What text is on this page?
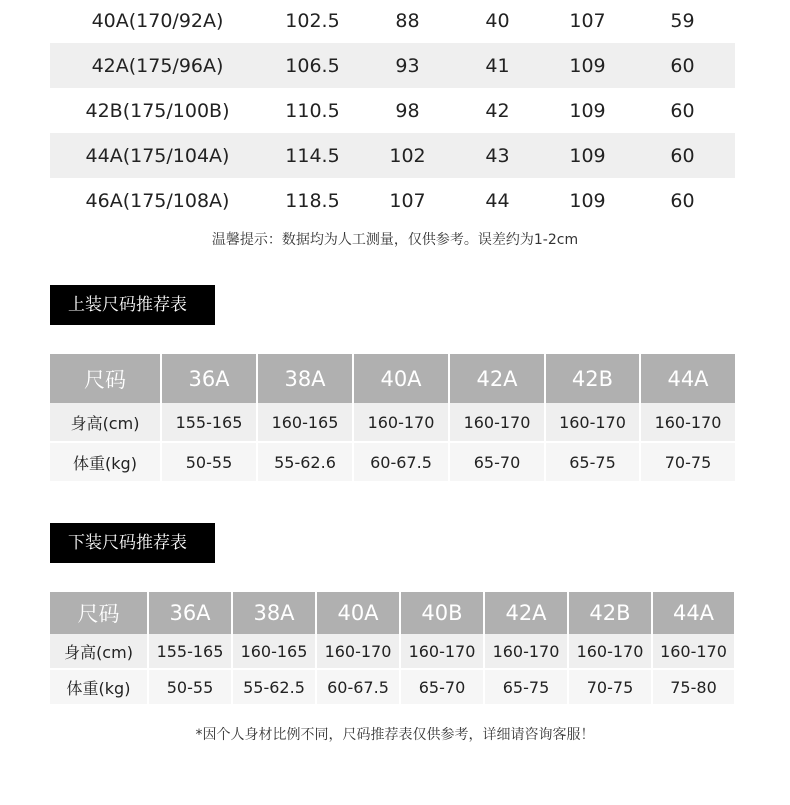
40A(170/92A)	102.5	88	40	107	59
42A(175/96A)	106.5	93	41	109	60
42B(175/100B)	110.5	98	42	109	60
44A(175/104A)	114.5	102	43	109	60
46A(175/108A)	118.5	107	44	109	60
温馨提示：数据均为人工测量，仅供参考。误差约为1-2cm
上装尺码推荐表
尺码	36A	38A	40A	42A	42B	44A
身高(cm)	155-165	160-165	160-170	160-170	160-170	160-170
体重(kg)	50-55	55-62.6	60-67.5	65-70	65-75	70-75
下装尺码推荐表
尺码	36A	38A	40A	40B	42A	42B	44A
身高(cm)	155-165	160-165	160-170	160-170	160-170	160-170	160-170
体重(kg)	50-55	55-62.5	60-67.5	65-70	65-75	70-75	75-80
*因个人身材比例不同，尺码推荐表仅供参考，详细请咨询客服！
